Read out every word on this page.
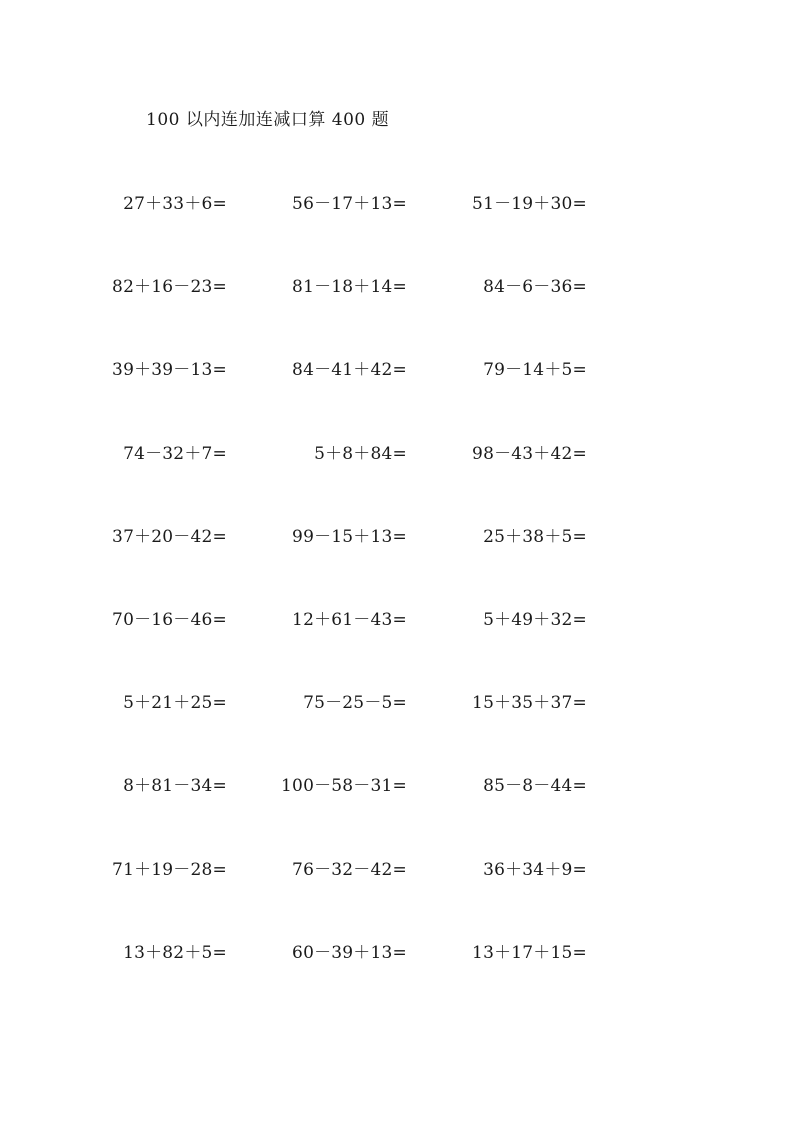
100 以内连加连减口算 400 题
27＋33＋6=	56－17＋13=	51－19＋30=
82＋16－23=	81－18＋14=	84－6－36=
39＋39－13=	84－41＋42=	79－14＋5=
74－32＋7=	5＋8＋84=	98－43＋42=
37＋20－42=	99－15＋13=	25＋38＋5=
70－16－46=	12＋61－43=	5＋49＋32=
5＋21＋25=	75－25－5=	15＋35＋37=
8＋81－34=	100－58－31=	85－8－44=
71＋19－28=	76－32－42=	36＋34＋9=
13＋82＋5=	60－39＋13=	13＋17＋15=
